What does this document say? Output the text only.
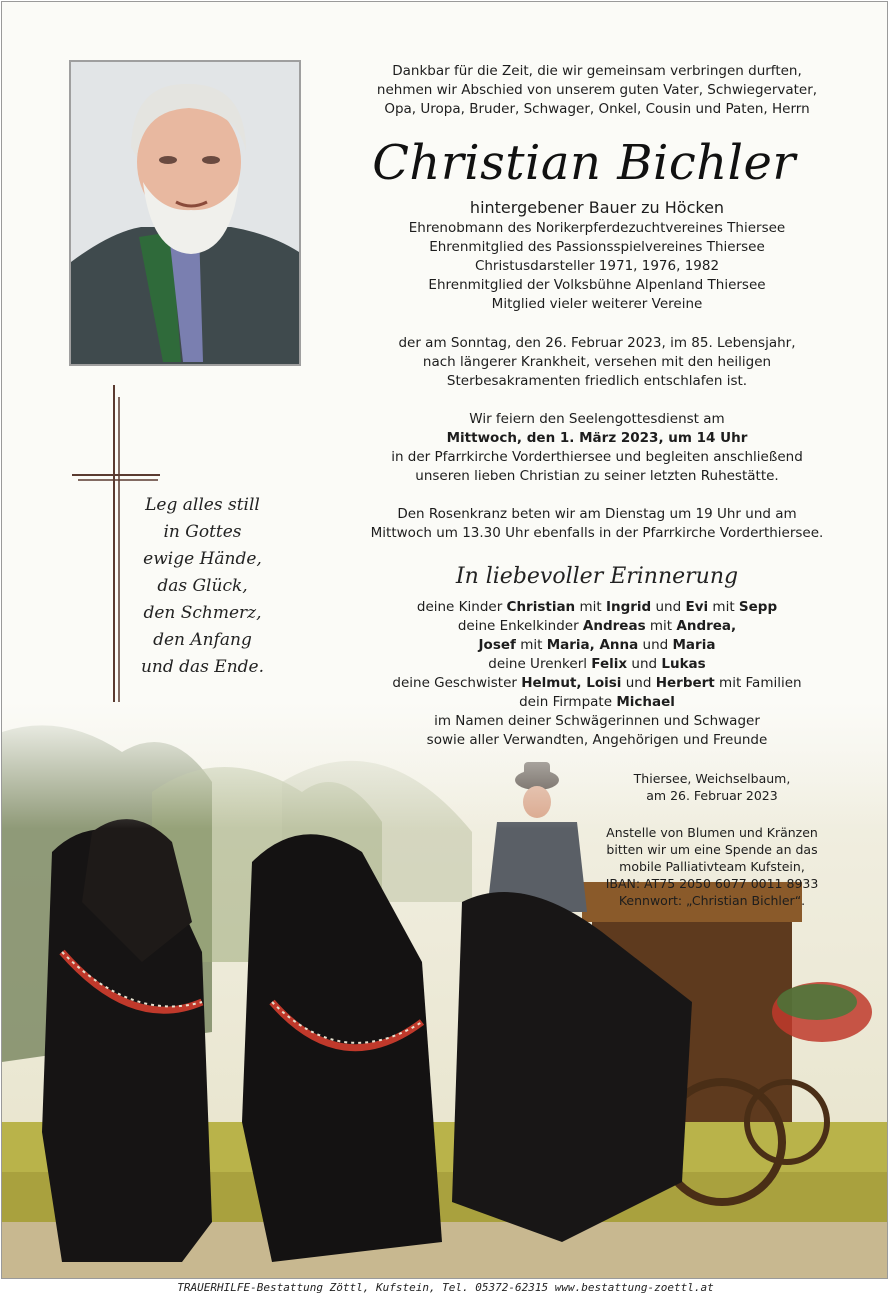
Leg alles still
in Gottes
ewige Hände,
das Glück,
den Schmerz,
den Anfang
und das Ende.
Dankbar für die Zeit, die wir gemeinsam verbringen durften,
nehmen wir Abschied von unserem guten Vater, Schwiegervater,
Opa, Uropa, Bruder, Schwager, Onkel, Cousin und Paten, Herrn
Christian Bichler
hintergebener Bauer zu Höcken
Ehrenobmann des Norikerpferdezuchtvereines Thiersee
Ehrenmitglied des Passionsspielvereines Thiersee
Christusdarsteller 1971, 1976, 1982
Ehrenmitglied der Volksbühne Alpenland Thiersee
Mitglied vieler weiterer Vereine
der am Sonntag, den 26. Februar 2023, im 85. Lebensjahr,
nach längerer Krankheit, versehen mit den heiligen
Sterbesakramenten friedlich entschlafen ist.
Wir feiern den Seelengottesdienst am
Mittwoch, den 1. März 2023, um 14 Uhr
in der Pfarrkirche Vorderthiersee und begleiten anschließend
unseren lieben Christian zu seiner letzten Ruhestätte.
Den Rosenkranz beten wir am Dienstag um 19 Uhr und am
Mittwoch um 13.30 Uhr ebenfalls in der Pfarrkirche Vorderthiersee.
In liebevoller Erinnerung
deine Kinder Christian mit Ingrid und Evi mit Sepp
deine Enkelkinder Andreas mit Andrea,
Josef mit Maria, Anna und Maria
deine Urenkerl Felix und Lukas
deine Geschwister Helmut, Loisi und Herbert mit Familien
dein Firmpate Michael
im Namen deiner Schwägerinnen und Schwager
sowie aller Verwandten, Angehörigen und Freunde
Thiersee, Weichselbaum,
am 26. Februar 2023
Anstelle von Blumen und Kränzen
bitten wir um eine Spende an das
mobile Palliativteam Kufstein,
IBAN: AT75 2050 6077 0011 8933
Kennwort: „Christian Bichler“.
TRAUERHILFE-Bestattung Zöttl, Kufstein, Tel. 05372-62315 www.bestattung-zoettl.at
